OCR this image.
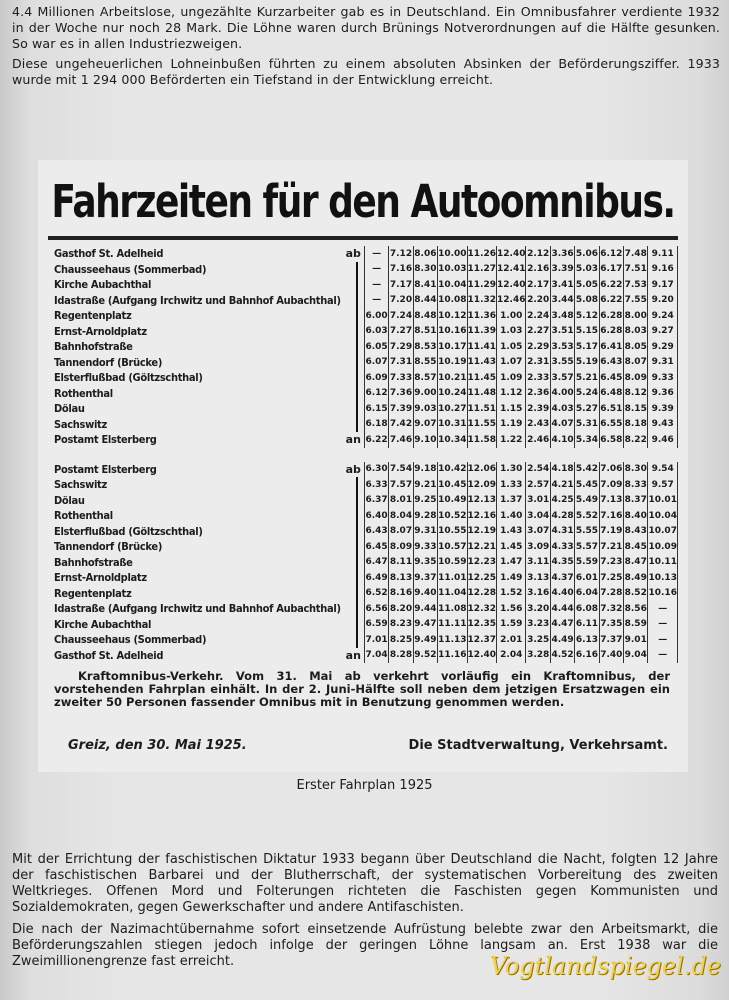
4.4 Millionen Arbeitslose, ungezählte Kurzarbeiter gab es in Deutschland. Ein Omnibusfahrer verdiente 1932 in der Woche nur noch 28 Mark. Die Löhne waren durch Brünings Notverordnungen auf die Hälfte gesunken. So war es in allen Industriezweigen.

Diese ungeheuerlichen Lohneinbußen führten zu einem absoluten Absinken der Beförderungsziffer. 1933 wurde mit 1 294 000 Beförderten ein Tiefstand in der Entwicklung erreicht.

Fahrzeiten für den Autoomnibus.
Gasthof St. Adelheid	ab	—	7.12	8.06	10.00	11.26	12.40	2.12	3.36	5.06	6.12	7.48	9.11
Chausseehaus (Sommerbad)		—	7.16	8.30	10.03	11.27	12.41	2.16	3.39	5.03	6.17	7.51	9.16
Kirche Aubachthal		—	7.17	8.41	10.04	11.29	12.40	2.17	3.41	5.05	6.22	7.53	9.17
Idastraße (Aufgang Irchwitz und Bahnhof Aubachthal)		—	7.20	8.44	10.08	11.32	12.46	2.20	3.44	5.08	6.22	7.55	9.20
Regentenplatz		6.00	7.24	8.48	10.12	11.36	1.00	2.24	3.48	5.12	6.28	8.00	9.24
Ernst-Arnoldplatz		6.03	7.27	8.51	10.16	11.39	1.03	2.27	3.51	5.15	6.28	8.03	9.27
Bahnhofstraße		6.05	7.29	8.53	10.17	11.41	1.05	2.29	3.53	5.17	6.41	8.05	9.29
Tannendorf (Brücke)		6.07	7.31	8.55	10.19	11.43	1.07	2.31	3.55	5.19	6.43	8.07	9.31
Elsterflußbad (Göltzschthal)		6.09	7.33	8.57	10.21	11.45	1.09	2.33	3.57	5.21	6.45	8.09	9.33
Rothenthal		6.12	7.36	9.00	10.24	11.48	1.12	2.36	4.00	5.24	6.48	8.12	9.36
Dölau		6.15	7.39	9.03	10.27	11.51	1.15	2.39	4.03	5.27	6.51	8.15	9.39
Sachswitz		6.18	7.42	9.07	10.31	11.55	1.19	2.43	4.07	5.31	6.55	8.18	9.43
Postamt Elsterberg	an	6.22	7.46	9.10	10.34	11.58	1.22	2.46	4.10	5.34	6.58	8.22	9.46

Postamt Elsterberg	ab	6.30	7.54	9.18	10.42	12.06	1.30	2.54	4.18	5.42	7.06	8.30	9.54
Sachswitz		6.33	7.57	9.21	10.45	12.09	1.33	2.57	4.21	5.45	7.09	8.33	9.57
Dölau		6.37	8.01	9.25	10.49	12.13	1.37	3.01	4.25	5.49	7.13	8.37	10.01
Rothenthal		6.40	8.04	9.28	10.52	12.16	1.40	3.04	4.28	5.52	7.16	8.40	10.04
Elsterflußbad (Göltzschthal)		6.43	8.07	9.31	10.55	12.19	1.43	3.07	4.31	5.55	7.19	8.43	10.07
Tannendorf (Brücke)		6.45	8.09	9.33	10.57	12.21	1.45	3.09	4.33	5.57	7.21	8.45	10.09
Bahnhofstraße		6.47	8.11	9.35	10.59	12.23	1.47	3.11	4.35	5.59	7.23	8.47	10.11
Ernst-Arnoldplatz		6.49	8.13	9.37	11.01	12.25	1.49	3.13	4.37	6.01	7.25	8.49	10.13
Regentenplatz		6.52	8.16	9.40	11.04	12.28	1.52	3.16	4.40	6.04	7.28	8.52	10.16
Idastraße (Aufgang Irchwitz und Bahnhof Aubachthal)		6.56	8.20	9.44	11.08	12.32	1.56	3.20	4.44	6.08	7.32	8.56	—
Kirche Aubachthal		6.59	8.23	9.47	11.11	12.35	1.59	3.23	4.47	6.11	7.35	8.59	—
Chausseehaus (Sommerbad)		7.01	8.25	9.49	11.13	12.37	2.01	3.25	4.49	6.13	7.37	9.01	—
Gasthof St. Adelheid	an	7.04	8.28	9.52	11.16	12.40	2.04	3.28	4.52	6.16	7.40	9.04	—

Kraftomnibus-Verkehr. Vom 31. Mai ab verkehrt vorläufig ein Kraftomnibus, der vorstehenden Fahrplan einhält. In der 2. Juni-Hälfte soll neben dem jetzigen Ersatzwagen ein zweiter 50 Personen fassender Omnibus mit in Benutzung genommen werden.

Greiz, den 30. Mai 1925.	Die Stadtverwaltung, Verkehrsamt.
Erster Fahrplan 1925

Mit der Errichtung der faschistischen Diktatur 1933 begann über Deutschland die Nacht, folgten 12 Jahre der faschistischen Barbarei und der Blutherrschaft, der systematischen Vorbereitung des zweiten Weltkrieges. Offenen Mord und Folterungen richteten die Faschisten gegen Kommunisten und Sozialdemokraten, gegen Gewerkschafter und andere Antifaschisten.

Die nach der Nazimachtübernahme sofort einsetzende Aufrüstung belebte zwar den Arbeitsmarkt, die Beförderungszahlen stiegen jedoch infolge der geringen Löhne langsam an. Erst 1938 war die Zweimillionengrenze fast erreicht.	Vogtlandspiegel.de
